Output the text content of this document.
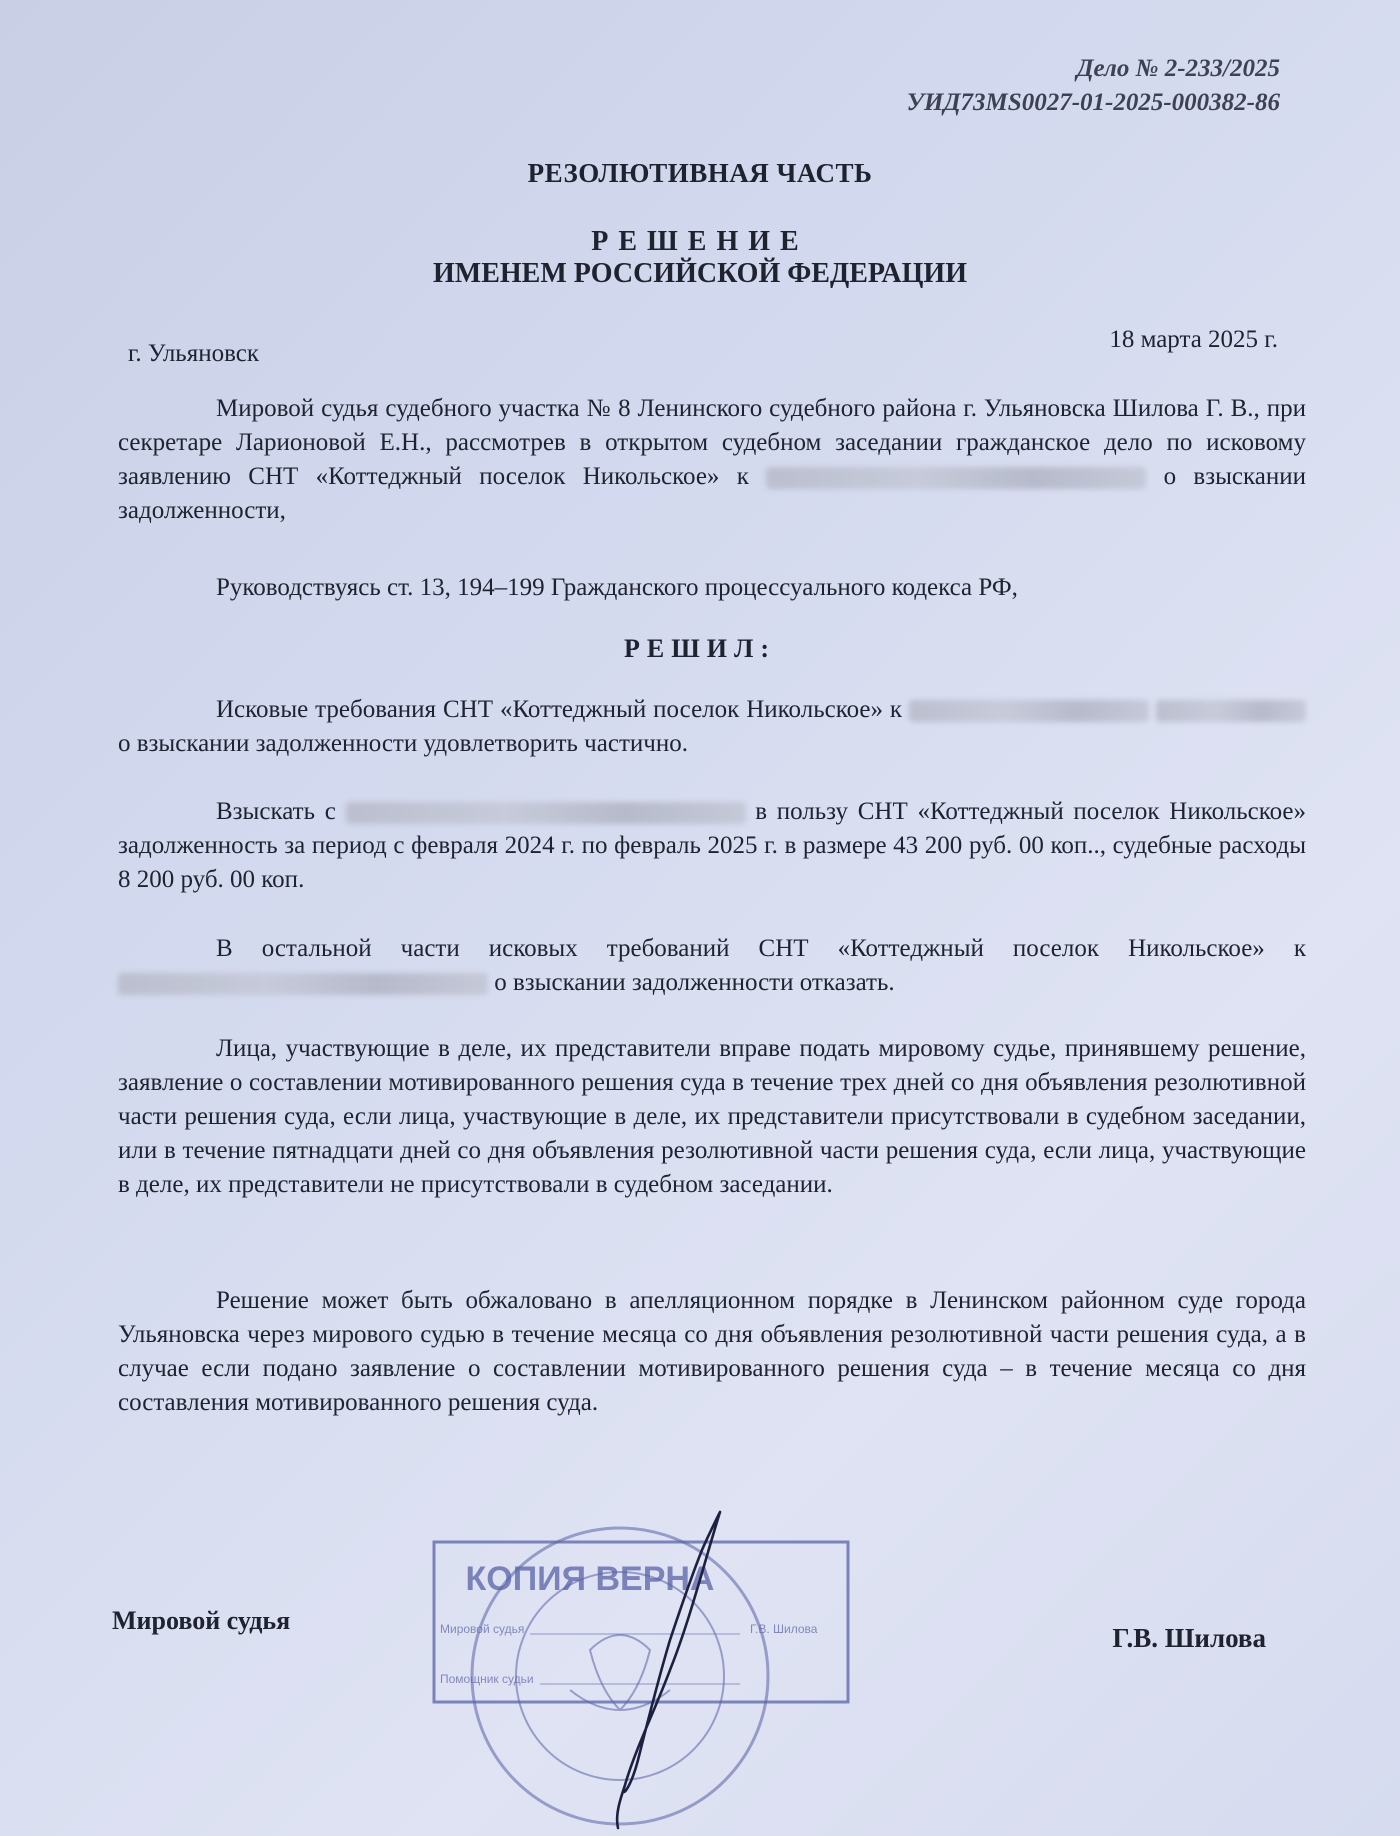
Дело № 2-233/2025
УИД73MS0027-01-2025-000382-86
РЕЗОЛЮТИВНАЯ ЧАСТЬ
РЕШЕНИЕ
ИМЕНЕМ РОССИЙСКОЙ ФЕДЕРАЦИИ
г. Ульяновск
18 марта 2025 г.
Мировой судья судебного участка № 8 Ленинского судебного района г. Ульяновска Шилова Г. В., при секретаре Ларионовой Е.Н., рассмотрев в открытом судебном заседании гражданское дело по исковому заявлению СНТ «Коттеджный поселок Никольское» к	о взыскании задолженности,
Руководствуясь ст. 13, 194–199 Гражданского процессуального кодекса РФ,
РЕШИЛ:
Исковые требования СНТ «Коттеджный поселок Никольское» к   о взыскании задолженности удовлетворить частично.
Взыскать с	в пользу СНТ «Коттеджный поселок Никольское» задолженность за период с февраля 2024 г. по февраль 2025 г. в размере 43 200 руб. 00 коп.., судебные расходы 8 200 руб. 00 коп.
В остальной части исковых требований СНТ «Коттеджный поселок Никольское» к  о взыскании задолженности отказать.
Лица, участвующие в деле, их представители вправе подать мировому судье, принявшему решение, заявление о составлении мотивированного решения суда в течение трех дней со дня объявления резолютивной части решения суда, если лица, участвующие в деле, их представители присутствовали в судебном заседании, или в течение пятнадцати дней со дня объявления резолютивной части решения суда, если лица, участвующие в деле, их представители не присутствовали в судебном заседании.
Решение может быть обжаловано в апелляционном порядке в Ленинском районном суде города Ульяновска через мирового судью в течение месяца со дня объявления резолютивной части решения суда, а в случае если подано заявление о составлении мотивированного решения суда – в течение месяца со дня составления мотивированного решения суда.
Мировой судья
Г.В. Шилова
КОПИЯ ВЕРНА
Мировой судья	Г.В. Шилова
Помощник судьи
